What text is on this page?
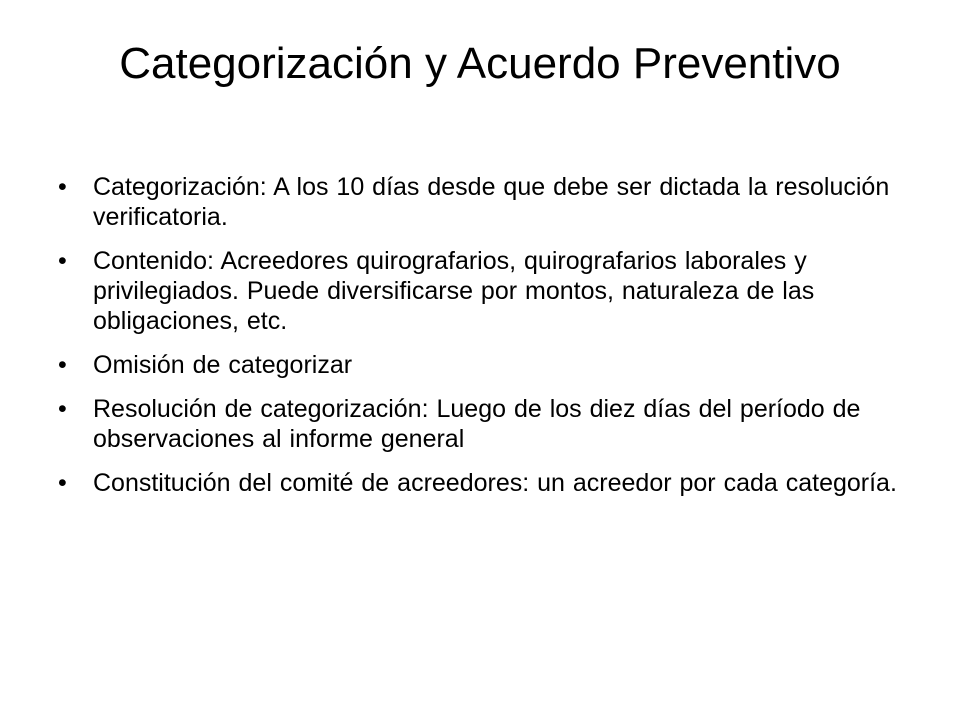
Categorización y Acuerdo Preventivo
•	Categorización: A los 10 días desde que debe ser dictada la resolución verificatoria.
•	Contenido: Acreedores quirografarios, quirografarios laborales y privilegiados. Puede diversificarse por montos, naturaleza de las obligaciones, etc.
•	Omisión de categorizar
•	Resolución de categorización: Luego de los diez días del período de observaciones al informe general
•	Constitución del comité de acreedores: un acreedor por cada categoría.
